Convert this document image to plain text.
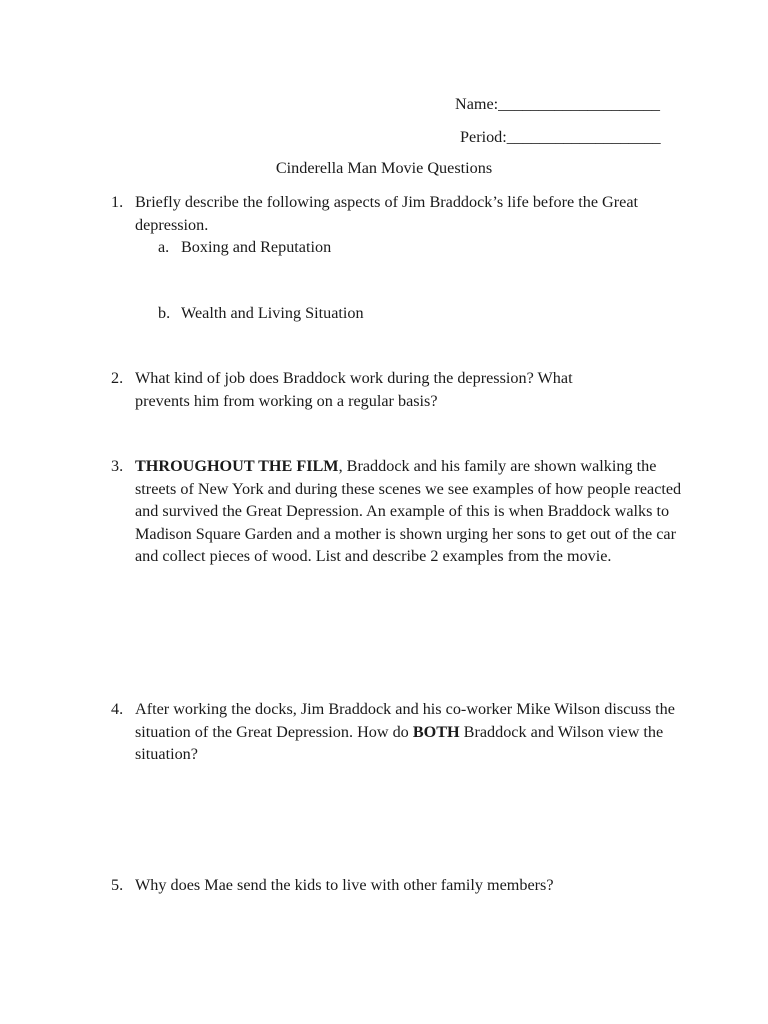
Name:____________________
Period:___________________
Cinderella Man Movie Questions
1. Briefly describe the following aspects of Jim Braddock’s life before the Great depression.
a. Boxing and Reputation
b. Wealth and Living Situation
2. What kind of job does Braddock work during the depression? What prevents him from working on a regular basis?
3. THROUGHOUT THE FILM, Braddock and his family are shown walking the streets of New York and during these scenes we see examples of how people reacted and survived the Great Depression. An example of this is when Braddock walks to Madison Square Garden and a mother is shown urging her sons to get out of the car and collect pieces of wood. List and describe 2 examples from the movie.
4. After working the docks, Jim Braddock and his co-worker Mike Wilson discuss the situation of the Great Depression. How do BOTH Braddock and Wilson view the situation?
5. Why does Mae send the kids to live with other family members?
